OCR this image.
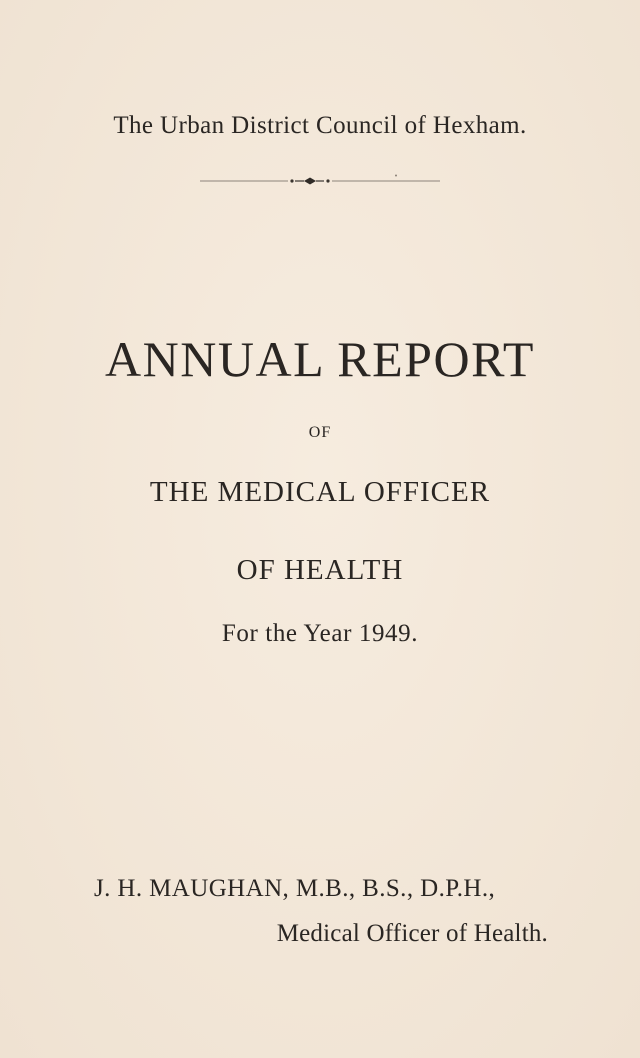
The Urban District Council of Hexham.

ANNUAL REPORT

OF

THE MEDICAL OFFICER
OF HEALTH

For the Year 1949.

J. H. MAUGHAN, M.B., B.S., D.P.H.,

Medical Officer of Health.
